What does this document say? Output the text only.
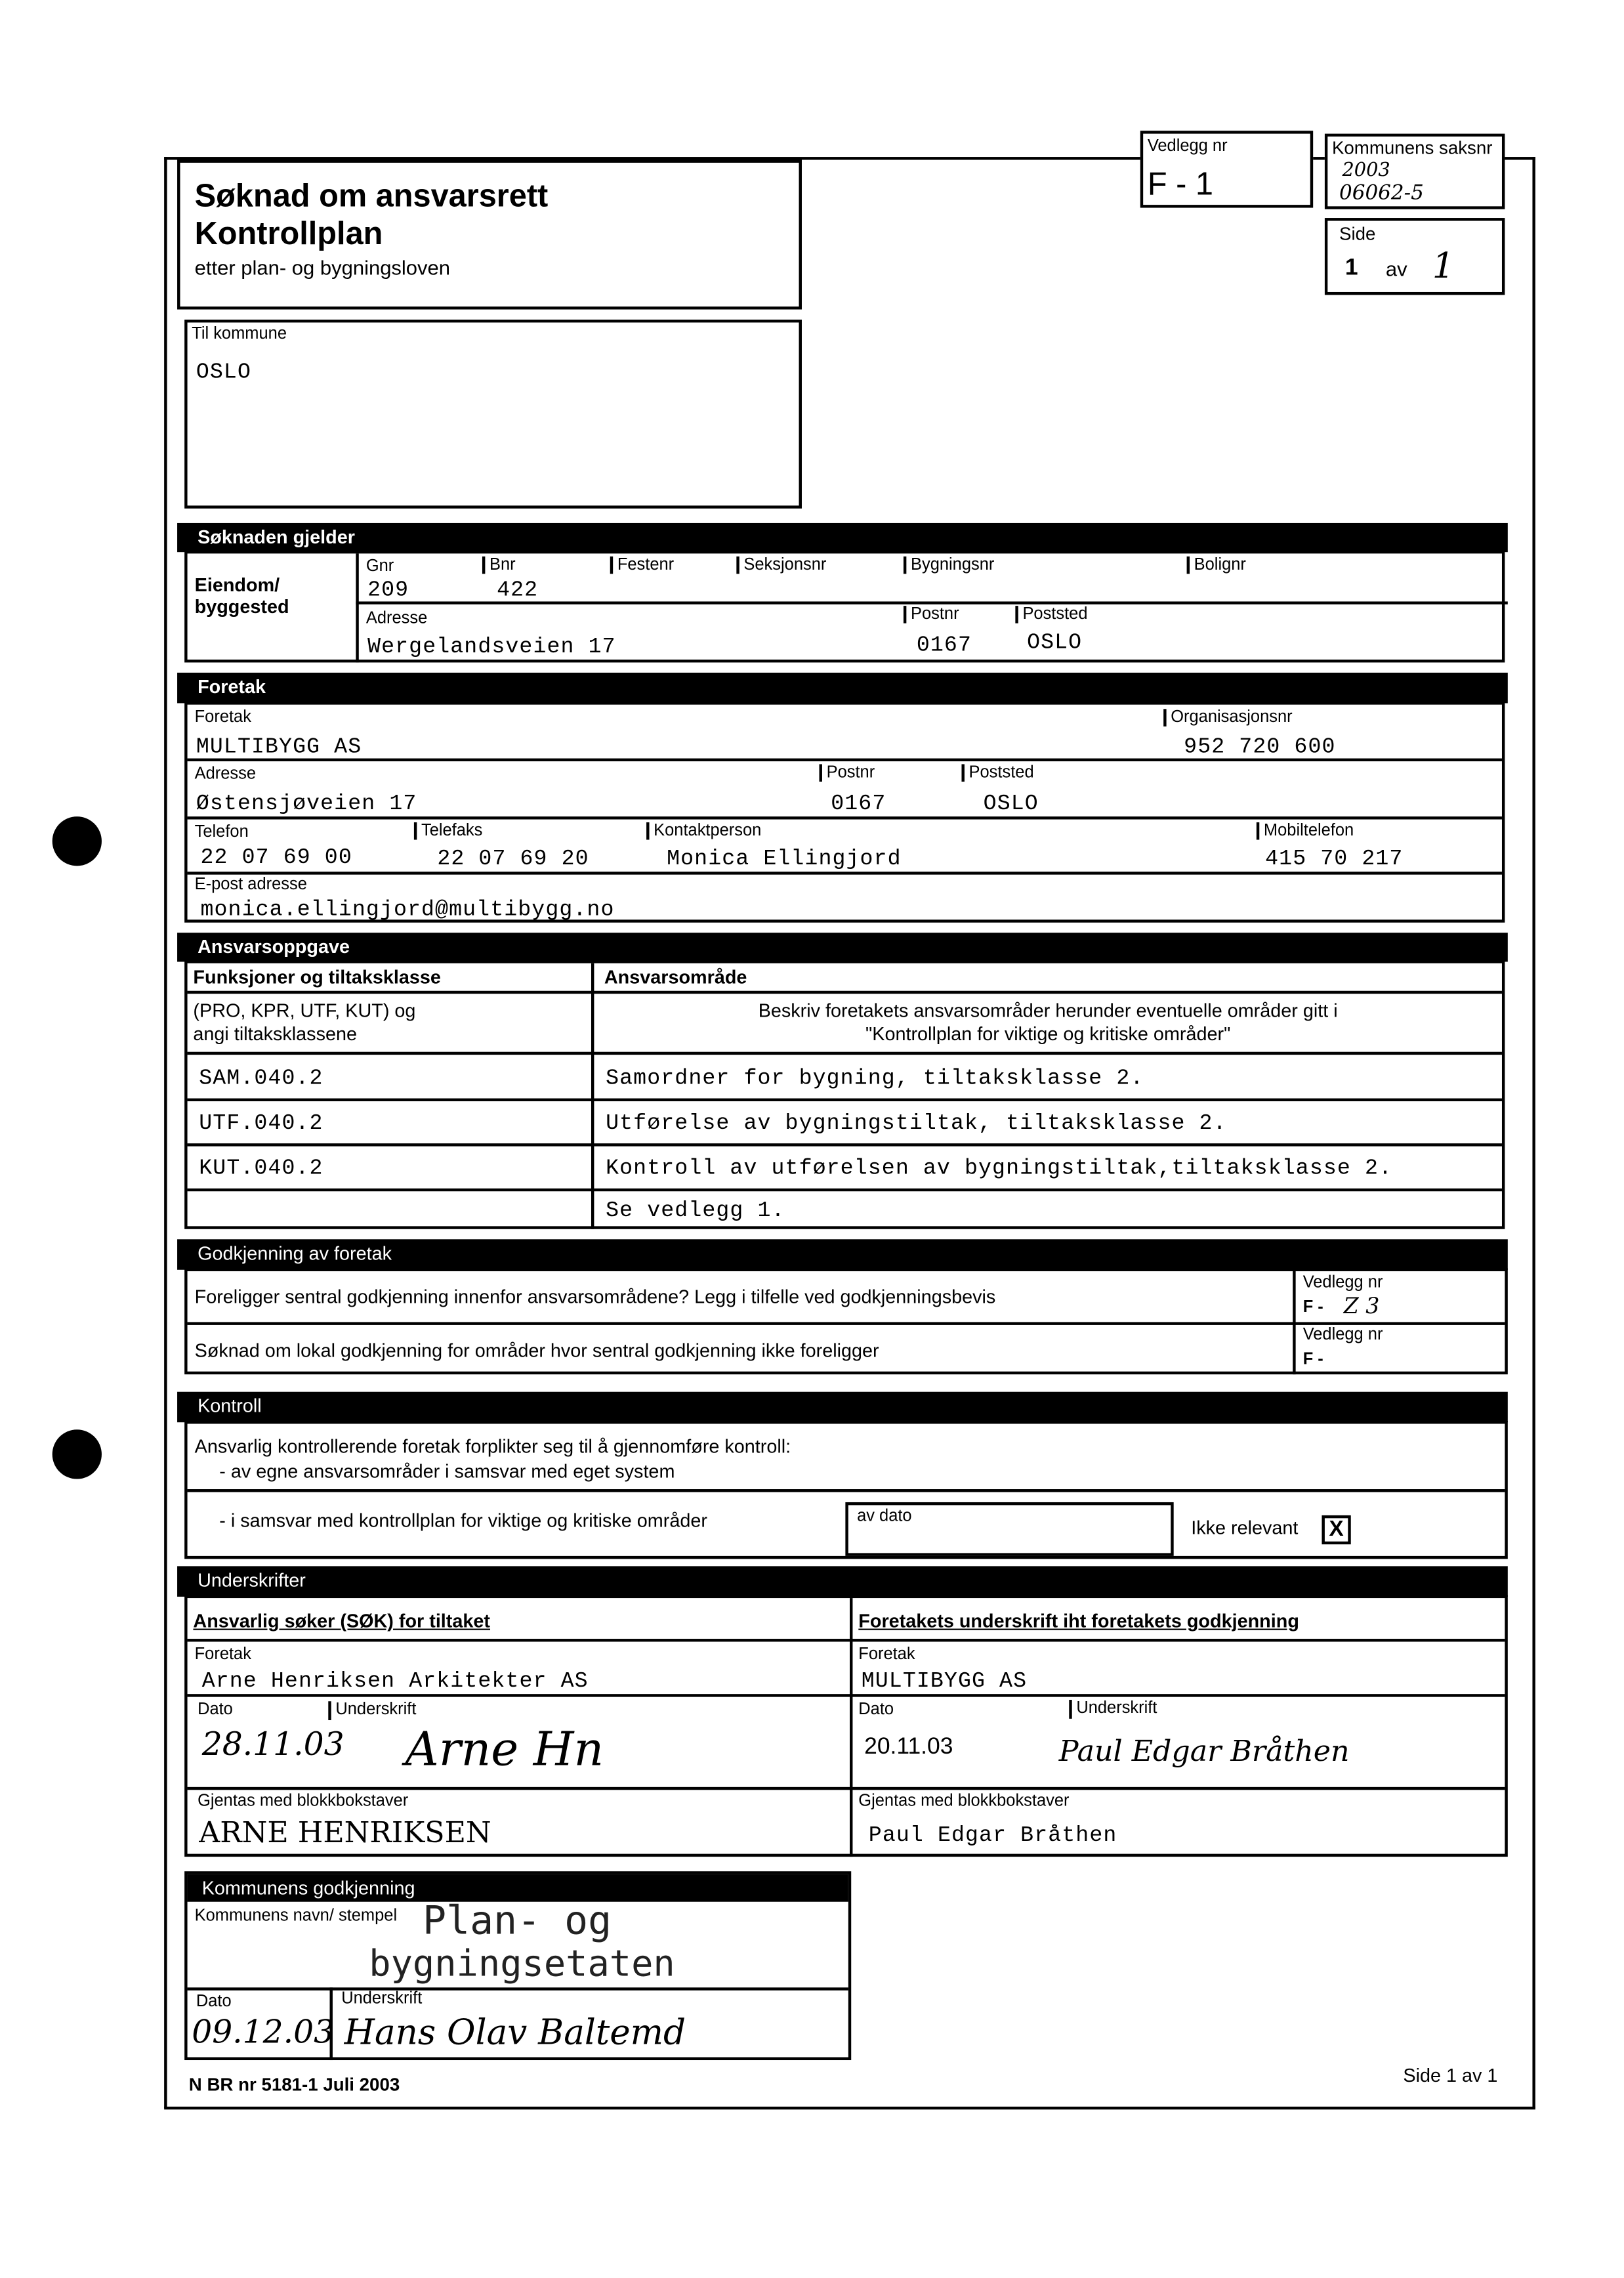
Søknad om ansvarsrett
Kontrollplan
etter plan- og bygningsloven
Vedlegg nr
F - 1
Kommunens saksnr
2003
06062-5
Side
1	av 1
Til kommune
OSLO
Søknaden gjelder
Eiendom/ byggested
Gnr
209
Bnr
422
Festenr	Seksjonsnr	Bygningsnr	Bolignr
Adresse
Wergelandsveien 17
Postnr
0167
Poststed
OSLO
Foretak
Foretak
MULTIBYGG AS
Organisasjonsnr
952 720 600
Adresse
Østensjøveien 17
Postnr
0167
Poststed
OSLO
Telefon
22 07 69 00
Telefaks
22 07 69 20
Kontaktperson
Monica Ellingjord
Mobiltelefon
415 70 217
E-post adresse
monica.ellingjord@multibygg.no
Ansvarsoppgave
Funksjoner og tiltaksklasse	Ansvarsområde
(PRO, KPR, UTF, KUT) og
angi tiltaksklassene
Beskriv foretakets ansvarsområder herunder eventuelle områder gitt i
"Kontrollplan for viktige og kritiske områder"
SAM.040.2	Samordner for bygning, tiltaksklasse 2.
UTF.040.2	Utførelse av bygningstiltak, tiltaksklasse 2.
KUT.040.2	Kontroll av utførelsen av bygningstiltak,tiltaksklasse 2.
Se vedlegg 1.
Godkjenning av foretak
Foreligger sentral godkjenning innenfor ansvarsområdene? Legg i tilfelle ved godkjenningsbevis
Vedlegg nr
F - Z 3
Søknad om lokal godkjenning for områder hvor sentral godkjenning ikke foreligger
Vedlegg nr
F -
Kontroll
Ansvarlig kontrollerende foretak forplikter seg til å gjennomføre kontroll:
- av egne ansvarsområder i samsvar med eget system
- i samsvar med kontrollplan for viktige og kritiske områder	av dato	Ikke relevant	X
Underskrifter
Ansvarlig søker (SØK) for tiltaket
Foretak
Arne Henriksen Arkitekter AS
Dato
28.11.03
Underskrift
Arne Hn
Gjentas med blokkbokstaver
ARNE HENRIKSEN
Foretakets underskrift iht foretakets godkjenning
Foretak
MULTIBYGG AS
Dato
20.11.03
Underskrift
Paul Edgar Bråthen
Gjentas med blokkbokstaver
Paul Edgar Bråthen
Kommunens godkjenning
Kommunens navn/ stempel Plan- og
bygningsetaten
Dato
09.12.03
Underskrift
Hans Olav Baltemd
N BR nr 5181-1 Juli 2003	Side 1 av 1
